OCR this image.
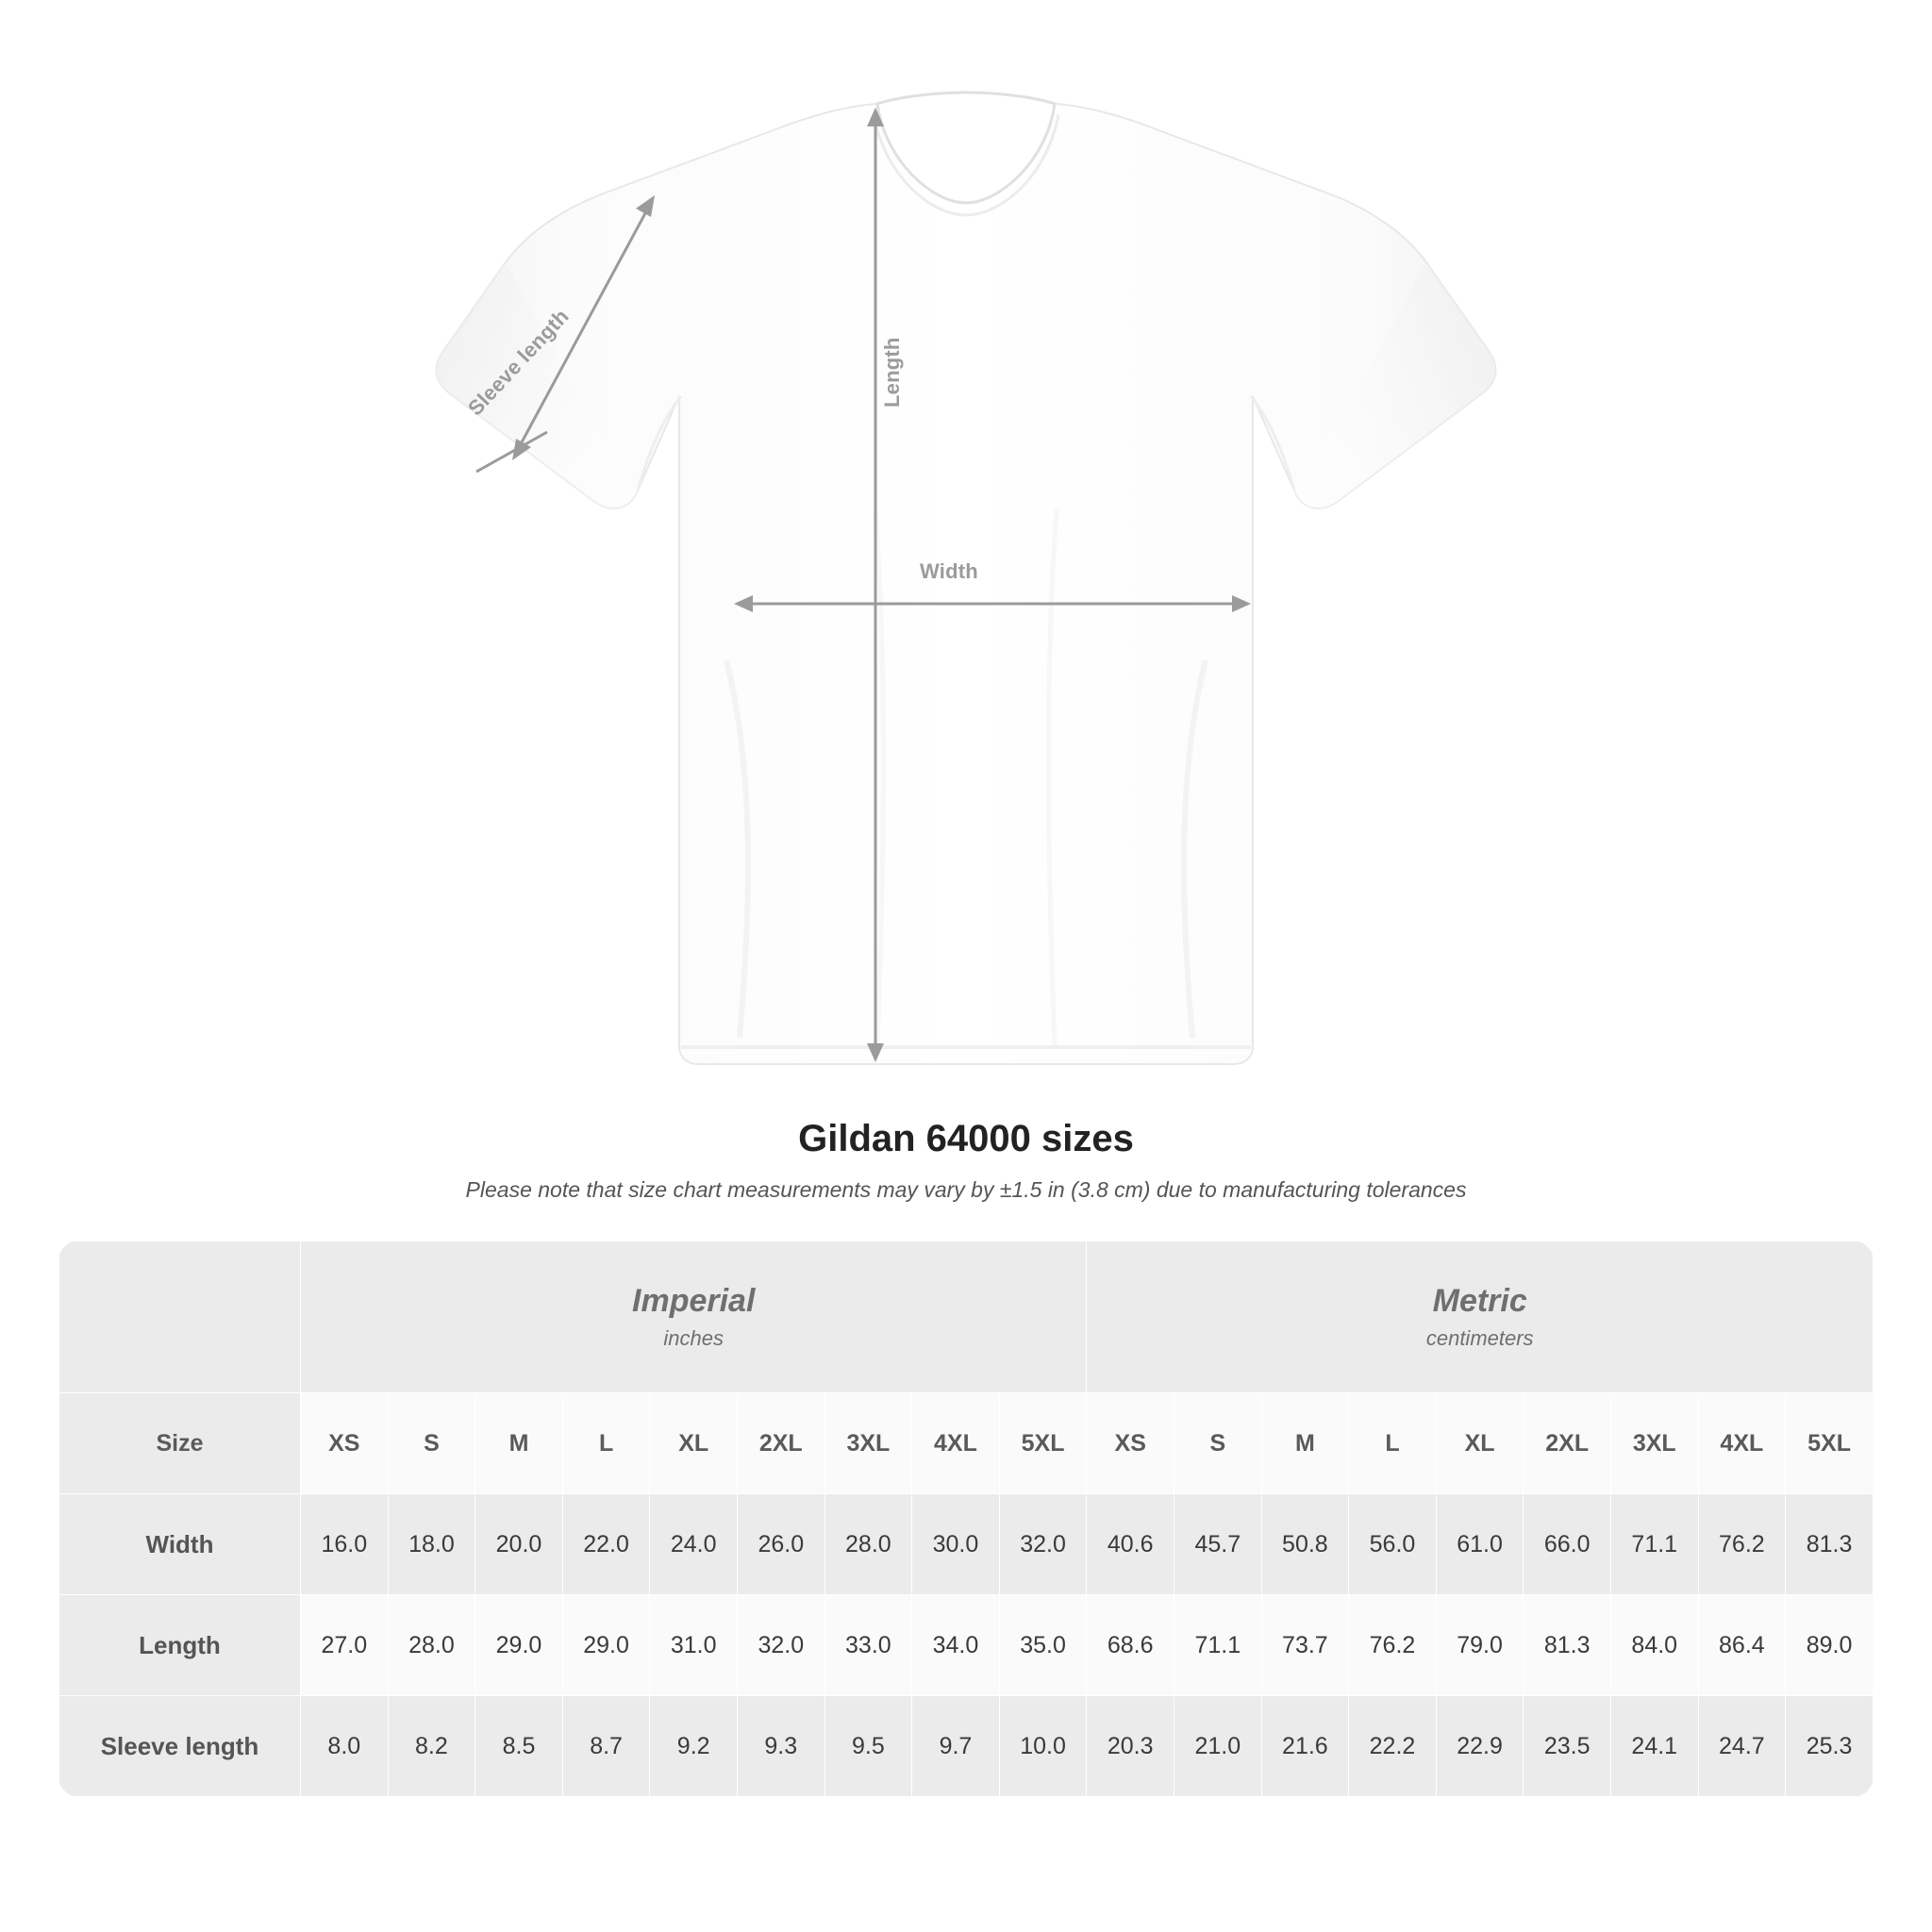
Length
Width
Sleeve length
Gildan 64000 sizes

Please note that size chart measurements may vary by ±1.5 in (3.8 cm) due to manufacturing tolerances

	Imperial
inches									Metric
centimeters								

Size	XS	S	M	L	XL	2XL	3XL	4XL	5XL	XS	S	M	L	XL	2XL	3XL	4XL	5XL
Width	16.0	18.0	20.0	22.0	24.0	26.0	28.0	30.0	32.0	40.6	45.7	50.8	56.0	61.0	66.0	71.1	76.2	81.3
Length	27.0	28.0	29.0	29.0	31.0	32.0	33.0	34.0	35.0	68.6	71.1	73.7	76.2	79.0	81.3	84.0	86.4	89.0
Sleeve length	8.0	8.2	8.5	8.7	9.2	9.3	9.5	9.7	10.0	20.3	21.0	21.6	22.2	22.9	23.5	24.1	24.7	25.3
